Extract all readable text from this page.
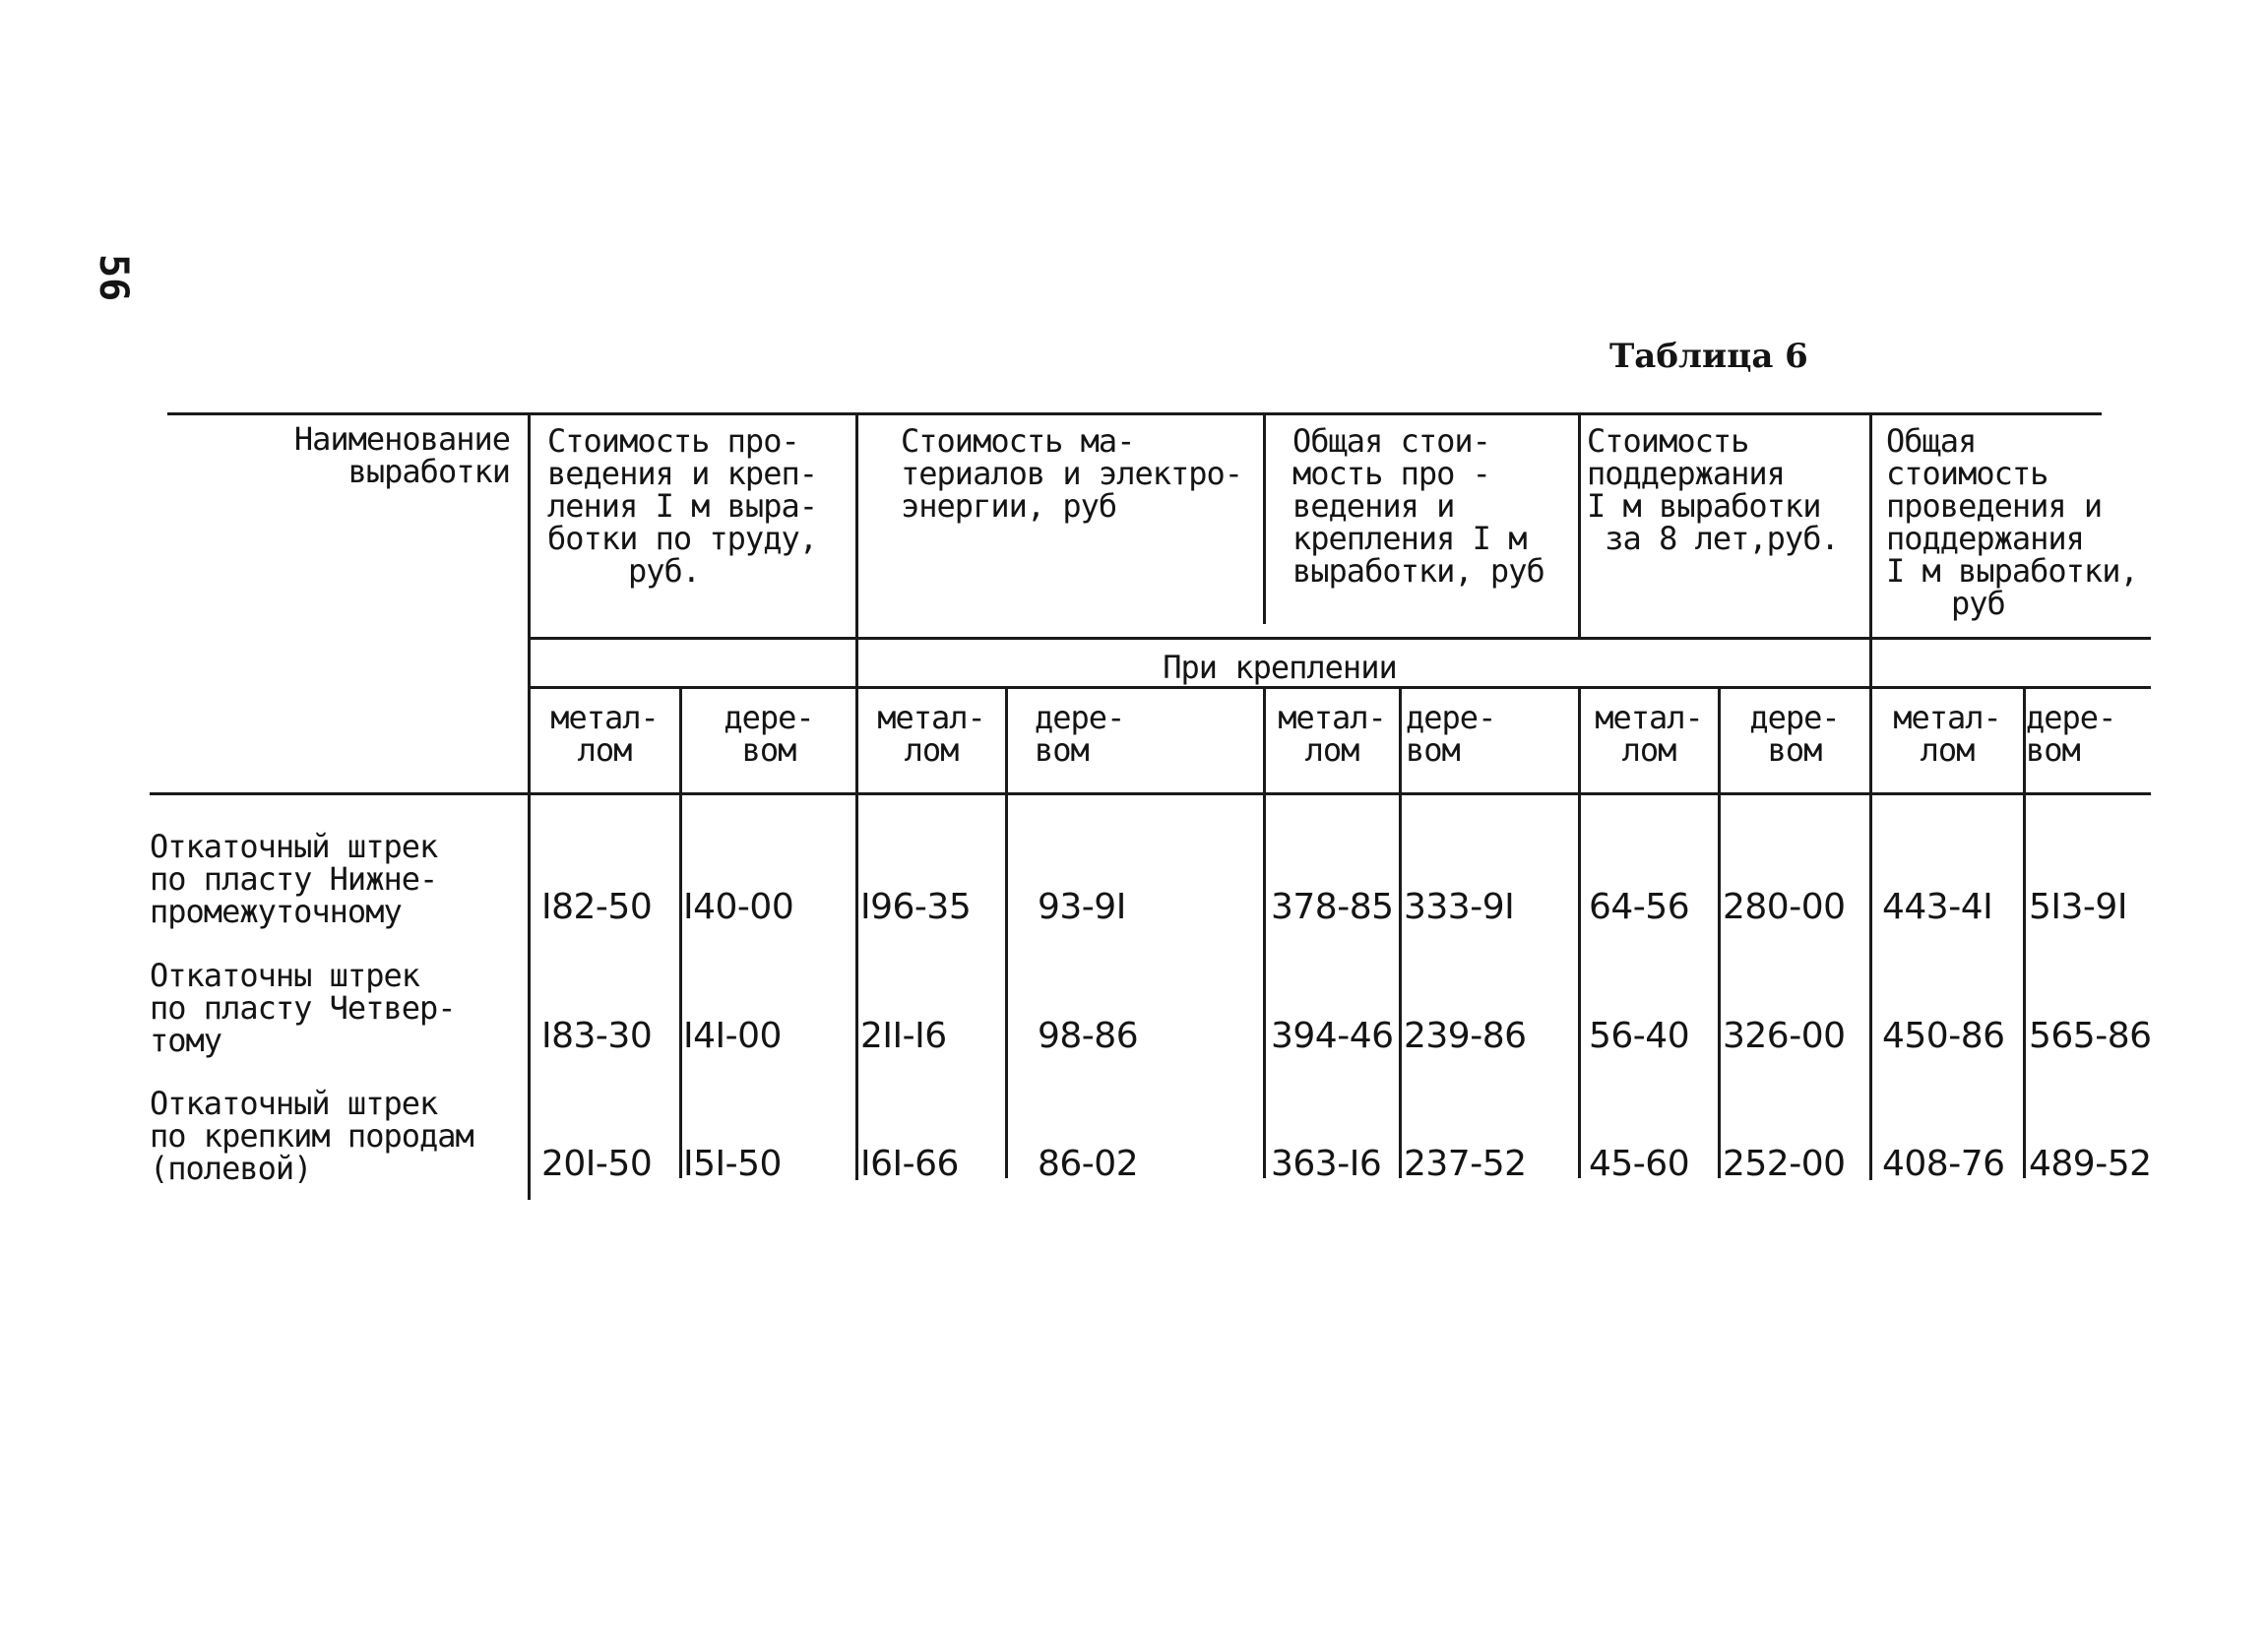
56
Таблица 6
Наименование
выработки
Стоимость про-
ведения и креп-
ления I м выра-
ботки по труду,
руб.
Стоимость ма-
териалов и электро-
энергии, руб
Общая стои-
мость про -
ведения и
крепления I м
выработки, руб
Стоимость
поддержания
I м выработки
за 8 лет,руб.
Общая
стоимость
проведения и
поддержания
I м выработки,
руб
При креплении
метал-
лом
дере-
вом
метал-
лом
дере-
вом
метал-
лом
дере-
вом
метал-
лом
дере-
вом
метал-
лом
дере-
вом
Откаточный штрек
по пласту Нижне-
промежуточному	I82-50 I40-00 I96-35 93-9I	378-85 333-9I 64-56 280-00 443-4I 5I3-9I
Откаточны штрек
по пласту Четвер-
тому	I83-30 I4I-00 2II-I6	98-86	394-46 239-86 56-40 326-00 450-86 565-86
Откаточный штрек
по крепким породам
(полевой)	20I-50 I5I-50 I6I-66 86-02	363-I6 237-52 45-60 252-00 408-76 489-52
